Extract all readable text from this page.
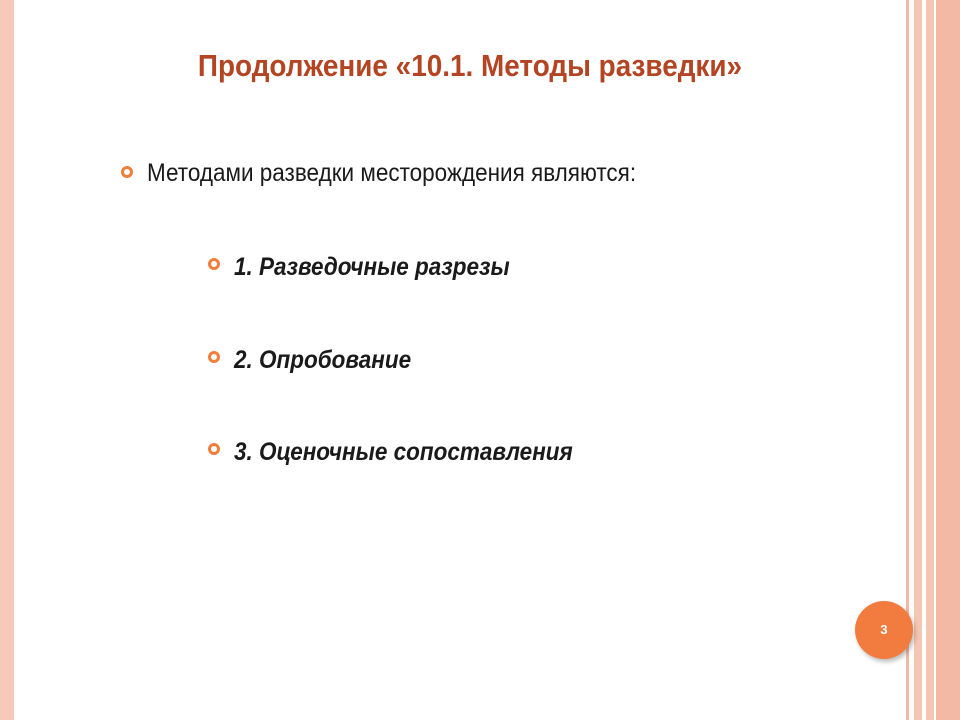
Продолжение «10.1. Методы разведки»
Методами разведки месторождения являются:
1. Разведочные разрезы
2. Опробование
3. Оценочные сопоставления
3
